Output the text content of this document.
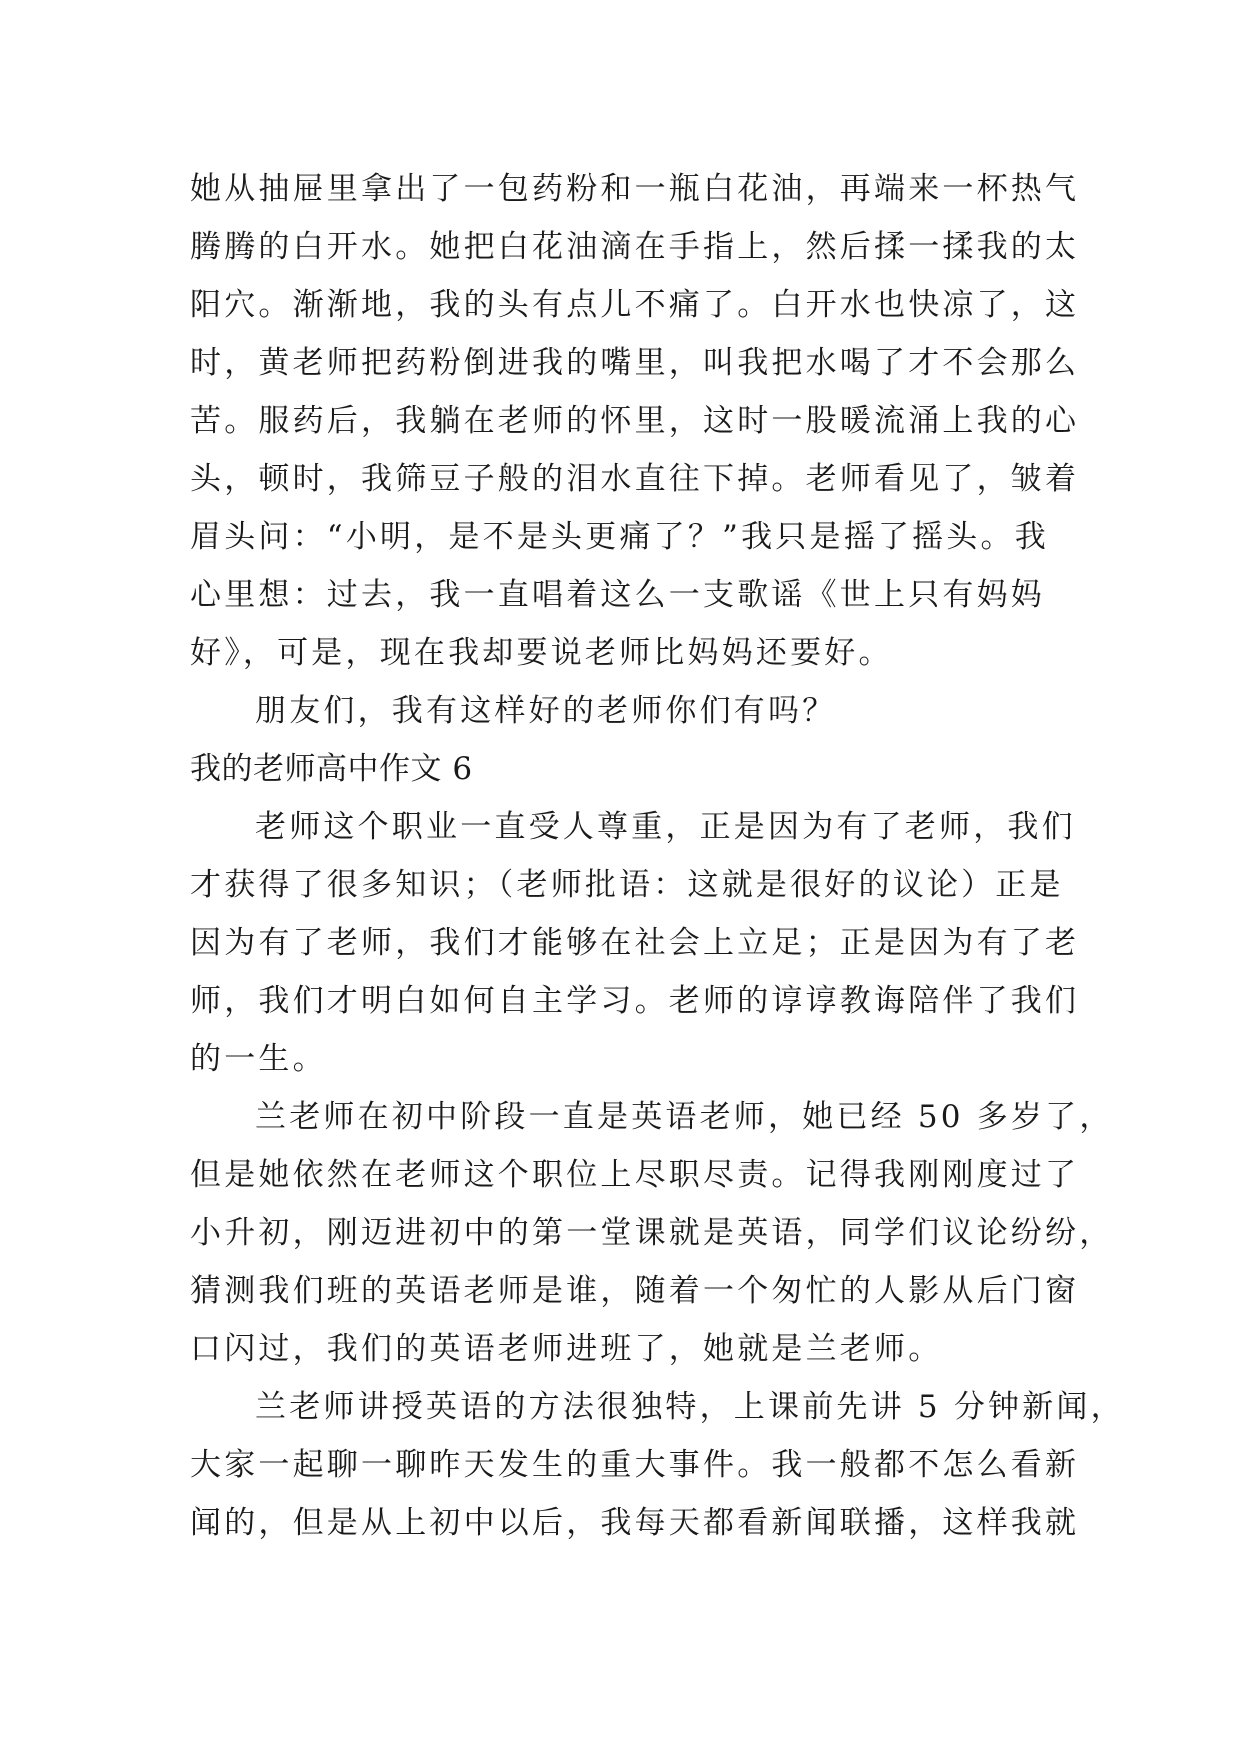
她从抽屉里拿出了一包药粉和一瓶白花油，再端来一杯热气
腾腾的白开水。她把白花油滴在手指上，然后揉一揉我的太
阳穴。渐渐地，我的头有点儿不痛了。白开水也快凉了，这
时，黄老师把药粉倒进我的嘴里，叫我把水喝了才不会那么
苦。服药后，我躺在老师的怀里，这时一股暖流涌上我的心
头，顿时，我筛豆子般的泪水直往下掉。老师看见了，皱着
眉头问：“小明，是不是头更痛了？”我只是摇了摇头。我
心里想：过去，我一直唱着这么一支歌谣《世上只有妈妈
好》，可是，现在我却要说老师比妈妈还要好。
朋友们，我有这样好的老师你们有吗？
我的老师高中作文 6
老师这个职业一直受人尊重，正是因为有了老师，我们
才获得了很多知识；（老师批语：这就是很好的议论）正是
因为有了老师，我们才能够在社会上立足；正是因为有了老
师，我们才明白如何自主学习。老师的谆谆教诲陪伴了我们
的一生。
兰老师在初中阶段一直是英语老师，她已经 50 多岁了，
但是她依然在老师这个职位上尽职尽责。记得我刚刚度过了
小升初，刚迈进初中的第一堂课就是英语，同学们议论纷纷，
猜测我们班的英语老师是谁，随着一个匆忙的人影从后门窗
口闪过，我们的英语老师进班了，她就是兰老师。
兰老师讲授英语的方法很独特，上课前先讲 5 分钟新闻，
大家一起聊一聊昨天发生的重大事件。我一般都不怎么看新
闻的，但是从上初中以后，我每天都看新闻联播，这样我就
